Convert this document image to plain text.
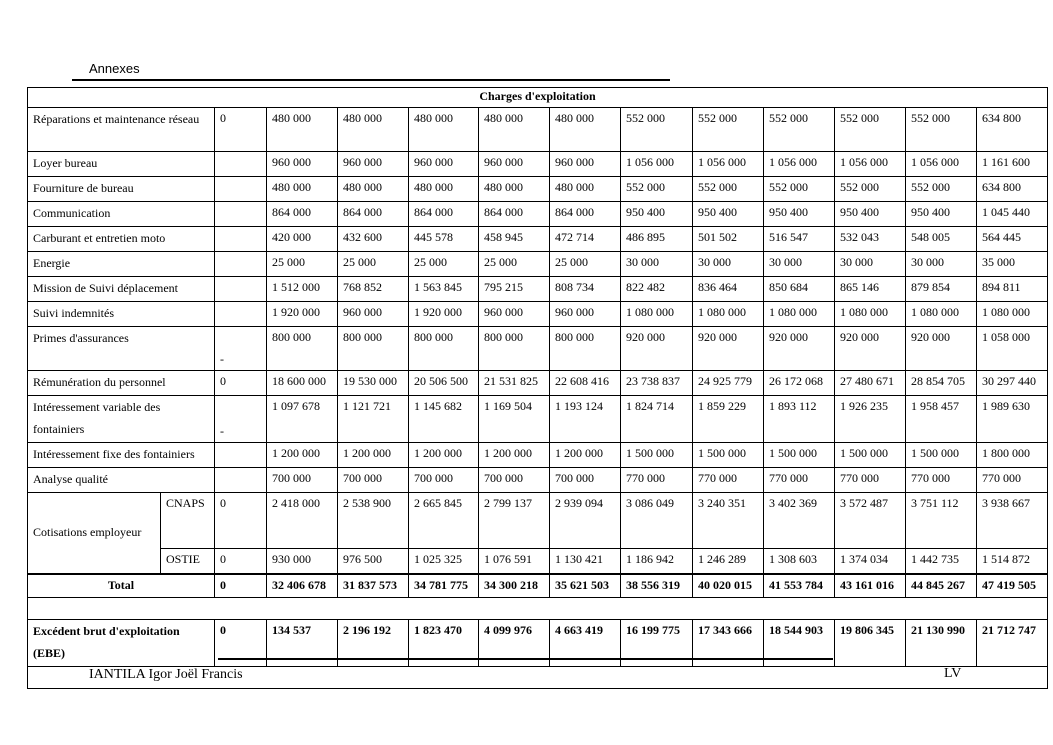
Annexes
Charges d'exploitation													
Réparations et maintenance réseau		0	480 000	480 000	480 000	480 000	480 000	552 000	552 000	552 000	552 000	552 000	634 800
Loyer bureau			960 000	960 000	960 000	960 000	960 000	1 056 000	1 056 000	1 056 000	1 056 000	1 056 000	1 161 600
Fourniture de bureau			480 000	480 000	480 000	480 000	480 000	552 000	552 000	552 000	552 000	552 000	634 800
Communication			864 000	864 000	864 000	864 000	864 000	950 400	950 400	950 400	950 400	950 400	1 045 440
Carburant et entretien moto			420 000	432 600	445 578	458 945	472 714	486 895	501 502	516 547	532 043	548 005	564 445
Energie			25 000	25 000	25 000	25 000	25 000	30 000	30 000	30 000	30 000	30 000	35 000
Mission de Suivi déplacement			1 512 000	768 852	1 563 845	795 215	808 734	822 482	836 464	850 684	865 146	879 854	894 811
Suivi indemnités			1 920 000	960 000	1 920 000	960 000	960 000	1 080 000	1 080 000	1 080 000	1 080 000	1 080 000	1 080 000
Primes d'assurances		-	800 000	800 000	800 000	800 000	800 000	920 000	920 000	920 000	920 000	920 000	1 058 000
Rémunération du personnel		0	18 600 000	19 530 000	20 506 500	21 531 825	22 608 416	23 738 837	24 925 779	26 172 068	27 480 671	28 854 705	30 297 440
Intéressement variable des fontainiers		-	1 097 678	1 121 721	1 145 682	1 169 504	1 193 124	1 824 714	1 859 229	1 893 112	1 926 235	1 958 457	1 989 630
Intéressement fixe des fontainiers			1 200 000	1 200 000	1 200 000	1 200 000	1 200 000	1 500 000	1 500 000	1 500 000	1 500 000	1 500 000	1 800 000
Analyse qualité			700 000	700 000	700 000	700 000	700 000	770 000	770 000	770 000	770 000	770 000	770 000
Cotisations employeur	CNAPS	0	2 418 000	2 538 900	2 665 845	2 799 137	2 939 094	3 086 049	3 240 351	3 402 369	3 572 487	3 751 112	3 938 667
	OSTIE	0	930 000	976 500	1 025 325	1 076 591	1 130 421	1 186 942	1 246 289	1 308 603	1 374 034	1 442 735	1 514 872
Total		0	32 406 678	31 837 573	34 781 775	34 300 218	35 621 503	38 556 319	40 020 015	41 553 784	43 161 016	44 845 267	47 419 505

Excédent brut d'exploitation (EBE)		0	134 537	2 196 192	1 823 470	4 099 976	4 663 419	16 199 775	17 343 666	18 544 903	19 806 345	21 130 990	21 712 747

IANTILA Igor Joël Francis	LV
